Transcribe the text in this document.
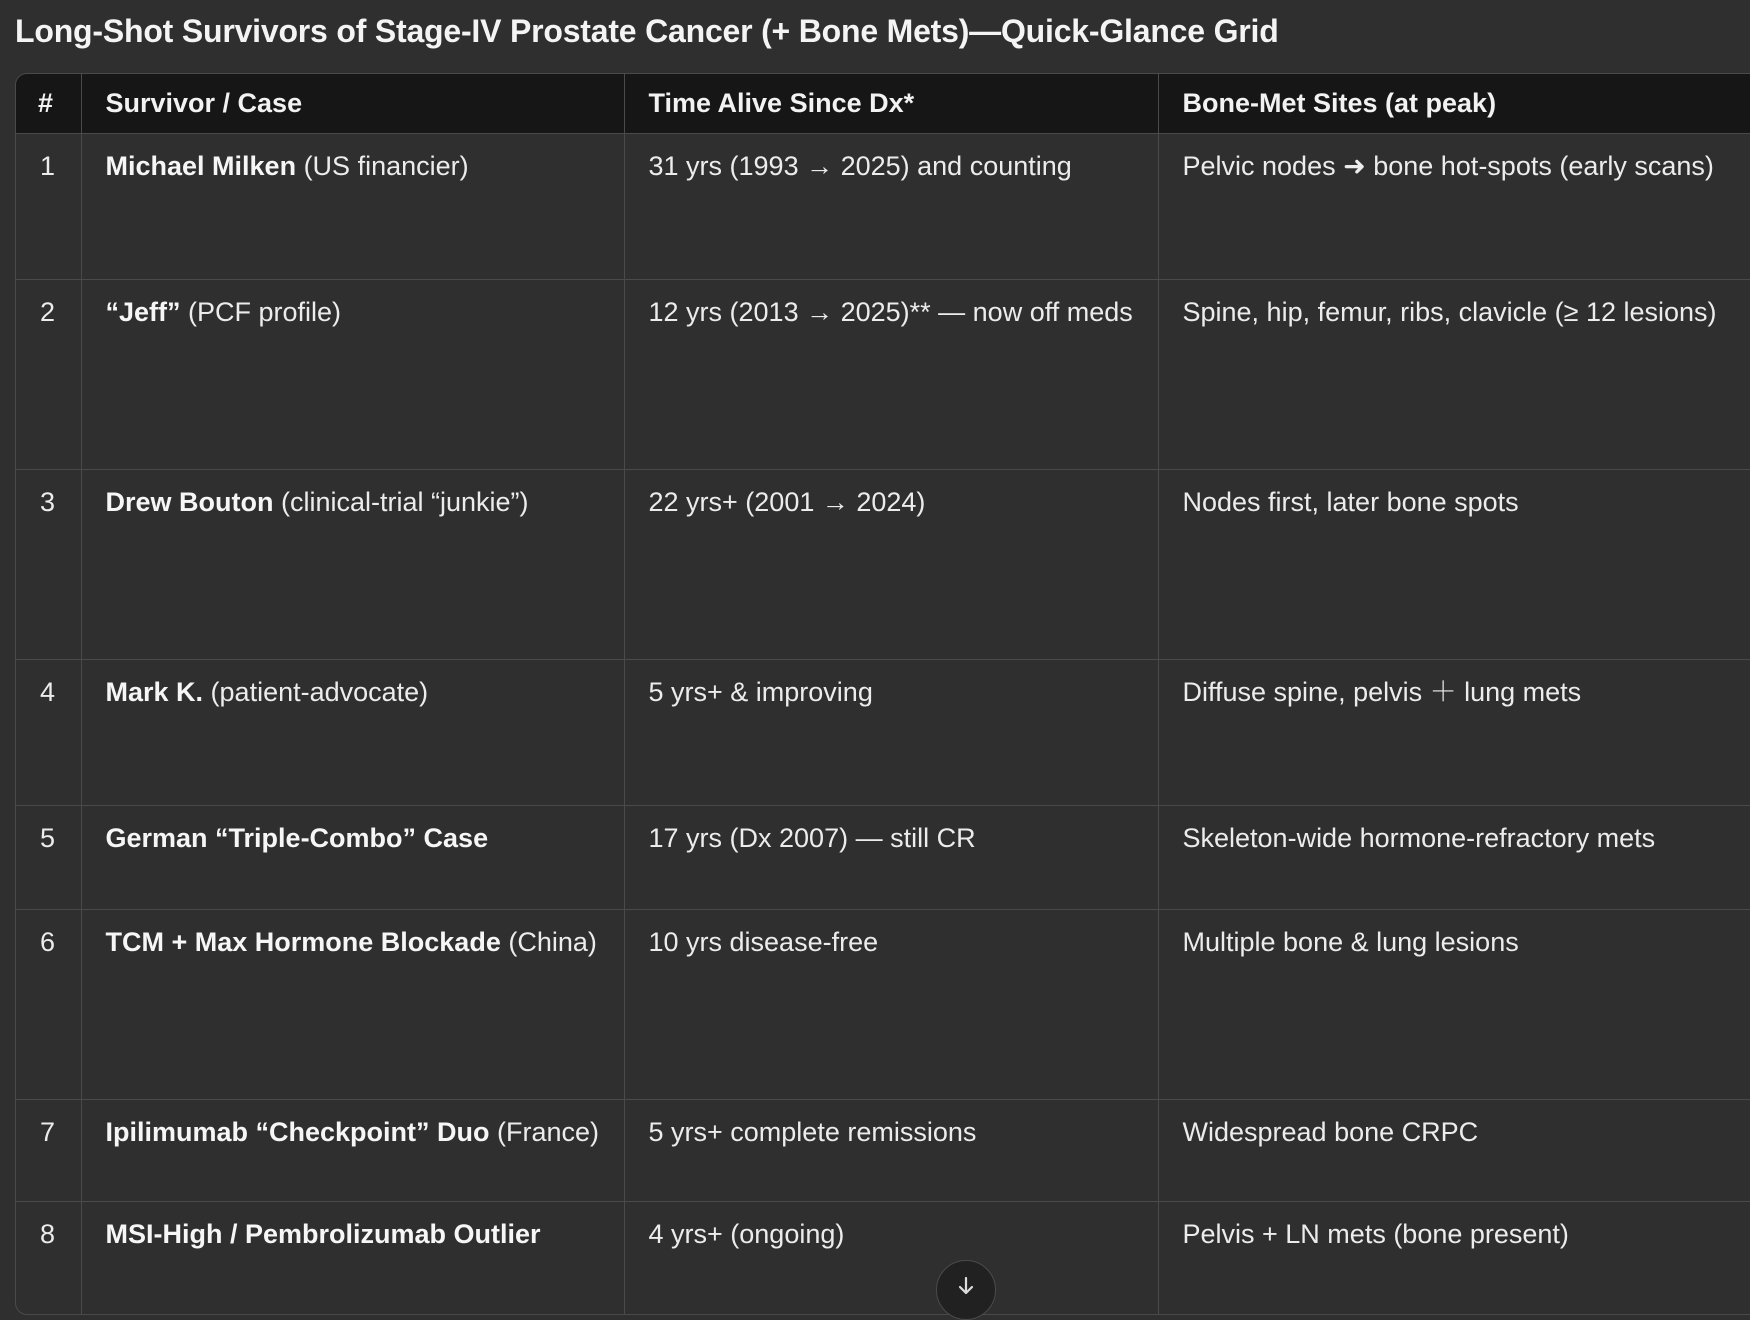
Long-Shot Survivors of Stage-IV Prostate Cancer (+ Bone Mets)—Quick-Glance Grid
#	Survivor / Case	Time Alive Since Dx*	Bone-Met Sites (at peak)
1	Michael Milken (US financier)	31 yrs (1993 → 2025) and counting	Pelvic nodes ➜ bone hot-spots (early scans)
2	“Jeff” (PCF profile)	12 yrs (2013 → 2025)** — now off meds	Spine, hip, femur, ribs, clavicle (≥ 12 lesions)
3	Drew Bouton (clinical-trial “junkie”)	22 yrs+ (2001 → 2024)	Nodes first, later bone spots
4	Mark K. (patient-advocate)	5 yrs+ & improving	Diffuse spine, pelvis ＋ lung mets
5	German “Triple-Combo” Case	17 yrs (Dx 2007) — still CR	Skeleton-wide hormone-refractory mets
6	TCM + Max Hormone Blockade (China)	10 yrs disease-free	Multiple bone & lung lesions
7	Ipilimumab “Checkpoint” Duo (France)	5 yrs+ complete remissions	Widespread bone CRPC
8	MSI-High / Pembrolizumab Outlier	4 yrs+ (ongoing)	Pelvis + LN mets (bone present)
